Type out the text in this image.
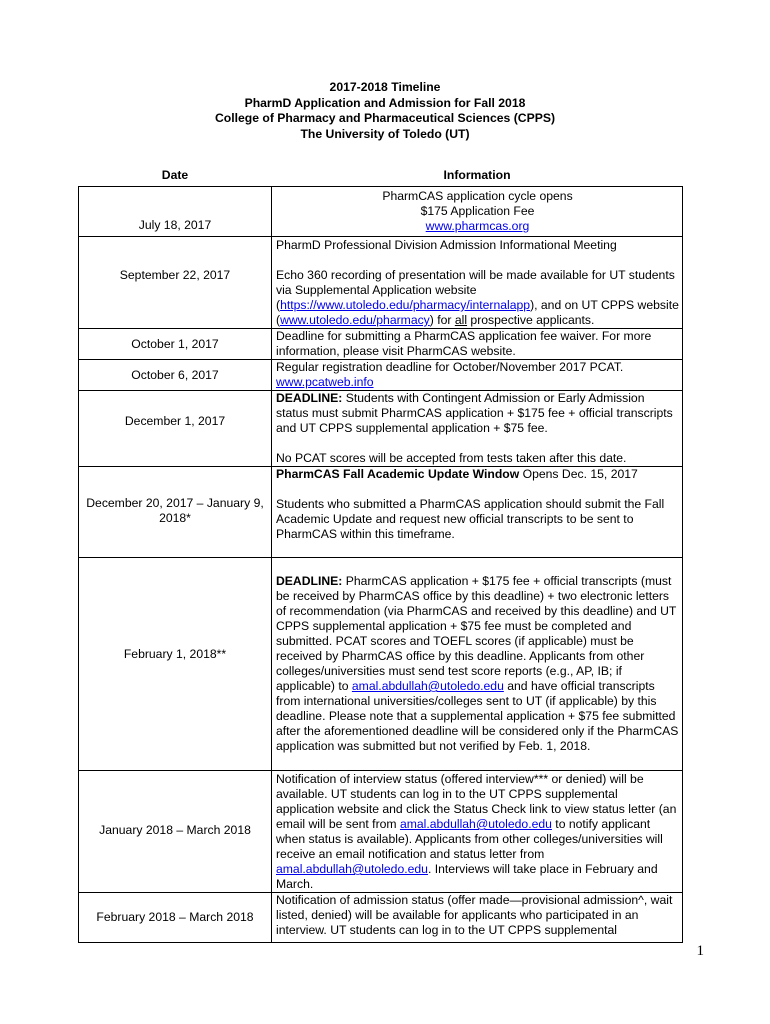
2017-2018 Timeline
PharmD Application and Admission for Fall 2018
College of Pharmacy and Pharmaceutical Sciences (CPPS)
The University of Toledo (UT)
Date	Information
July 18, 2017	PharmCAS application cycle opens

$175 Application Fee

www.pharmcas.org

September 22, 2017	PharmD Professional Division Admission Informational Meeting

Echo 360 recording of presentation will be made available for UT students via Supplemental Application website (https://www.utoledo.edu/pharmacy/internalapp), and on UT CPPS website (www.utoledo.edu/pharmacy) for all prospective applicants.

October 1, 2017	Deadline for submitting a PharmCAS application fee waiver. For more information, please visit PharmCAS website.
October 6, 2017	Regular registration deadline for October/November 2017 PCAT.

www.pcatweb.info

December 1, 2017	DEADLINE: Students with Contingent Admission or Early Admission status must submit PharmCAS application + $175 fee + official transcripts and UT CPPS supplemental application + $75 fee.

No PCAT scores will be accepted from tests taken after this date.

December 20, 2017 – January 9, 2018*	PharmCAS Fall Academic Update Window Opens Dec. 15, 2017

Students who submitted a PharmCAS application should submit the Fall Academic Update and request new official transcripts to be sent to PharmCAS within this timeframe.

February 1, 2018**	DEADLINE: PharmCAS application + $175 fee + official transcripts (must be received by PharmCAS office by this deadline) + two electronic letters of recommendation (via PharmCAS and received by this deadline) and UT CPPS supplemental application + $75 fee must be completed and submitted. PCAT scores and TOEFL scores (if applicable) must be received by PharmCAS office by this deadline. Applicants from other colleges/universities must send test score reports (e.g., AP, IB; if applicable) to amal.abdullah@utoledo.edu and have official transcripts from international universities/colleges sent to UT (if applicable) by this deadline. Please note that a supplemental application + $75 fee submitted after the aforementioned deadline will be considered only if the PharmCAS application was submitted but not verified by Feb. 1, 2018.

January 2018 – March 2018	Notification of interview status (offered interview*** or denied) will be available. UT students can log in to the UT CPPS supplemental application website and click the Status Check link to view status letter (an email will be sent from amal.abdullah@utoledo.edu to notify applicant when status is available). Applicants from other colleges/universities will receive an email notification and status letter from amal.abdullah@utoledo.edu. Interviews will take place in February and March.

February 2018 – March 2018	Notification of admission status (offer made—provisional admission^, wait listed, denied) will be available for applicants who participated in an interview. UT students can log in to the UT CPPS supplemental
1
